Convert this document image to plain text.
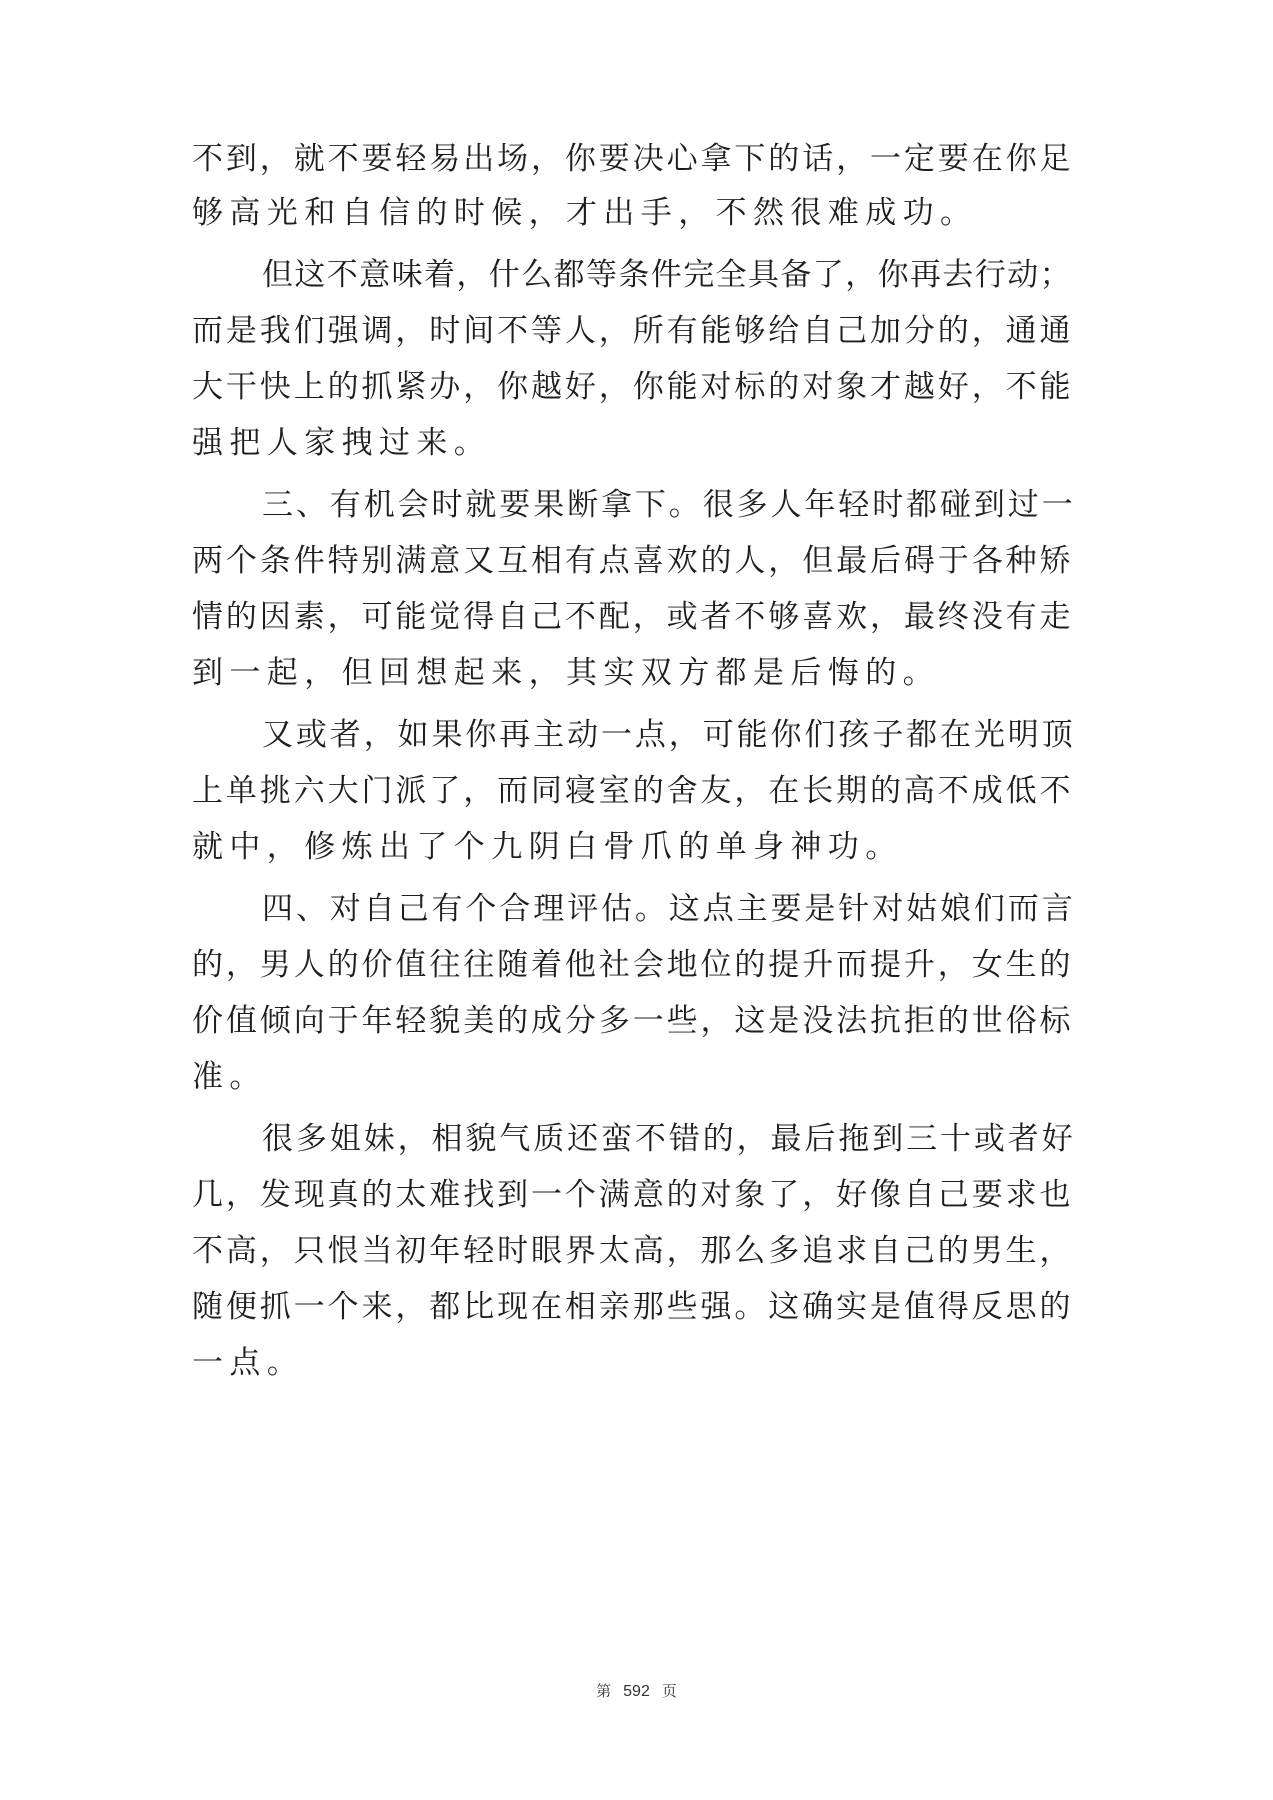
不到，就不要轻易出场，你要决心拿下的话，一定要在你足
够高光和自信的时候，才出手，不然很难成功。
但这不意味着，什么都等条件完全具备了，你再去行动；
而是我们强调，时间不等人，所有能够给自己加分的，通通
大干快上的抓紧办，你越好，你能对标的对象才越好，不能
强把人家拽过来。
三、有机会时就要果断拿下。很多人年轻时都碰到过一
两个条件特别满意又互相有点喜欢的人，但最后碍于各种矫
情的因素，可能觉得自己不配，或者不够喜欢，最终没有走
到一起，但回想起来，其实双方都是后悔的。
又或者，如果你再主动一点，可能你们孩子都在光明顶
上单挑六大门派了，而同寝室的舍友，在长期的高不成低不
就中，修炼出了个九阴白骨爪的单身神功。
四、对自己有个合理评估。这点主要是针对姑娘们而言
的，男人的价值往往随着他社会地位的提升而提升，女生的
价值倾向于年轻貌美的成分多一些，这是没法抗拒的世俗标
准。
很多姐妹，相貌气质还蛮不错的，最后拖到三十或者好
几，发现真的太难找到一个满意的对象了，好像自己要求也
不高，只恨当初年轻时眼界太高，那么多追求自己的男生，
随便抓一个来，都比现在相亲那些强。这确实是值得反思的
一点。
第 592 页
